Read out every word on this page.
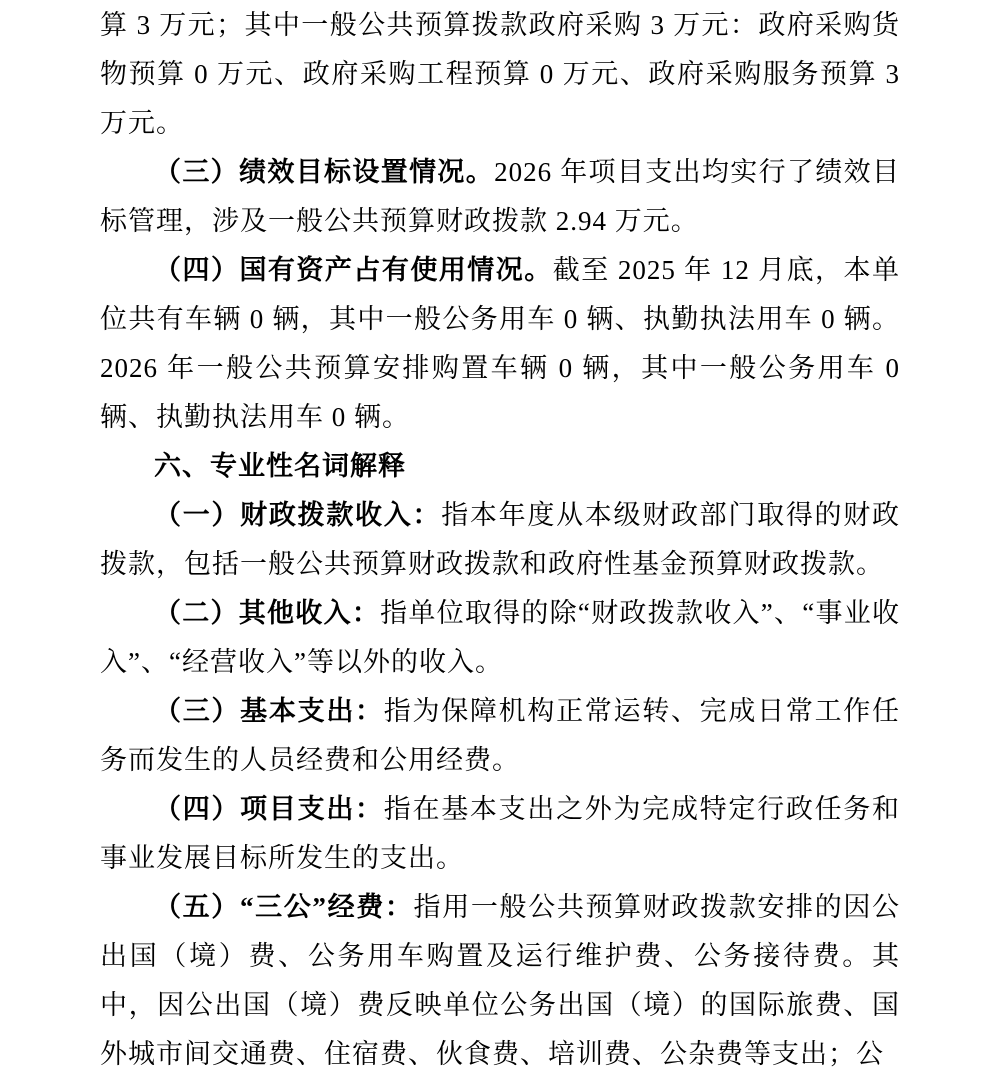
算 3 万元；其中一般公共预算拨款政府采购 3 万元：政府采购货物预算 0 万元、政府采购工程预算 0 万元、政府采购服务预算 3 万元。

（三）绩效目标设置情况。2026 年项目支出均实行了绩效目标管理，涉及一般公共预算财政拨款 2.94 万元。

（四）国有资产占有使用情况。截至 2025 年 12 月底，本单位共有车辆 0 辆，其中一般公务用车 0 辆、执勤执法用车 0 辆。2026 年一般公共预算安排购置车辆 0 辆，其中一般公务用车 0 辆、执勤执法用车 0 辆。

六、专业性名词解释

（一）财政拨款收入：指本年度从本级财政部门取得的财政拨款，包括一般公共预算财政拨款和政府性基金预算财政拨款。

（二）其他收入：指单位取得的除“财政拨款收入”、“事业收入”、“经营收入”等以外的收入。

（三）基本支出：指为保障机构正常运转、完成日常工作任务而发生的人员经费和公用经费。

（四）项目支出：指在基本支出之外为完成特定行政任务和事业发展目标所发生的支出。

（五）“三公”经费：指用一般公共预算财政拨款安排的因公出国（境）费、公务用车购置及运行维护费、公务接待费。其中，因公出国（境）费反映单位公务出国（境）的国际旅费、国外城市间交通费、住宿费、伙食费、培训费、公杂费等支出；公
